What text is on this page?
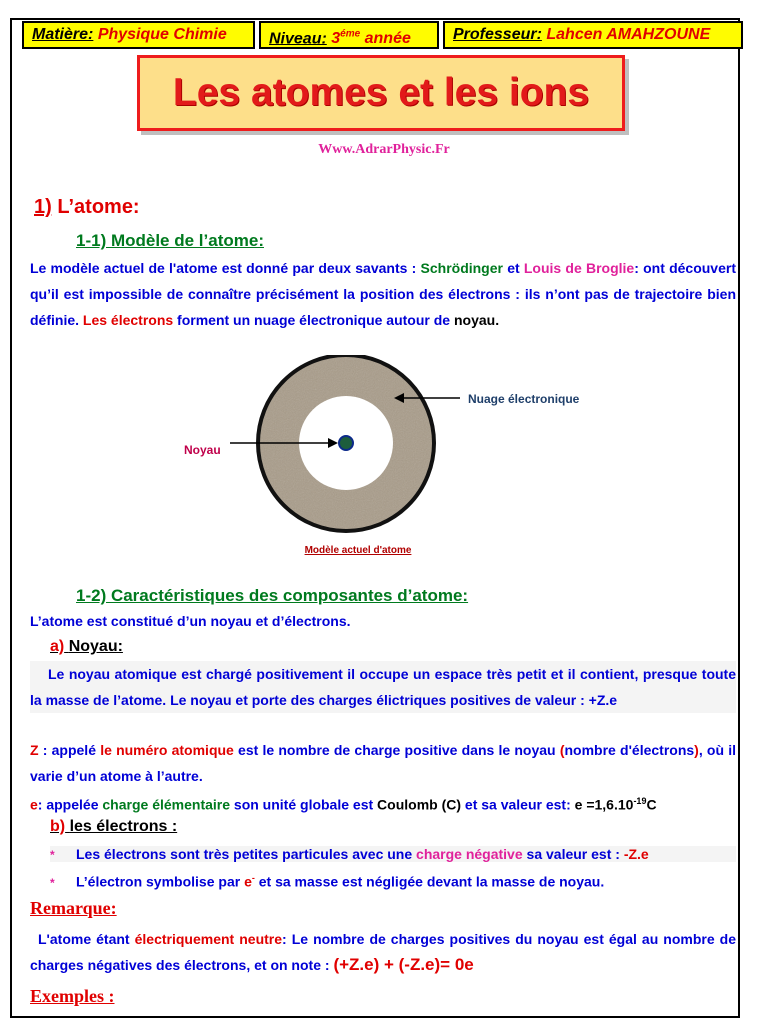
Matière: Physique Chimie	Niveau: $3^{éme}$ année	Professeur: Lahcen AMAHZOUNE
Les atomes et les ions
Www.AdrarPhysic.Fr
1) L’atome:
1-1) Modèle de l’atome:
Le modèle actuel de l'atome est donné par deux savants : Schrödinger et Louis de Broglie: ont découvert qu’il est impossible de connaître précisément la position des électrons : ils n’ont pas de trajectoire bien définie. Les électrons forment un nuage électronique autour de noyau.
Nuage électronique
Noyau
Modèle actuel d'atome
1-2) Caractéristiques des composantes d’atome:
L’atome est constitué d’un noyau et d’électrons.
a) Noyau:
Le noyau atomique est chargé positivement il occupe un espace très petit et il contient, presque toute la masse de l’atome. Le noyau et porte des charges élictriques positives de valeur : +Z.e
Z : appelé le numéro atomique est le nombre de charge positive dans le noyau (nombre d'électrons), où il varie d’un atome à l’autre.
e: appelée charge élémentaire son unité globale est Coulomb (C) et sa valeur est: $e =1,6.10^{-19}C$
b) les électrons :
* Les électrons sont très petites particules avec une charge négative sa valeur est : -Z.e
* L’électron symbolise par e- et sa masse est négligée devant la masse de noyau.
Remarque:
L'atome étant électriquement neutre: Le nombre de charges positives du noyau est égal au nombre de charges négatives des électrons, et on note : (+Z.e) + (-Z.e)= 0e
Exemples :
